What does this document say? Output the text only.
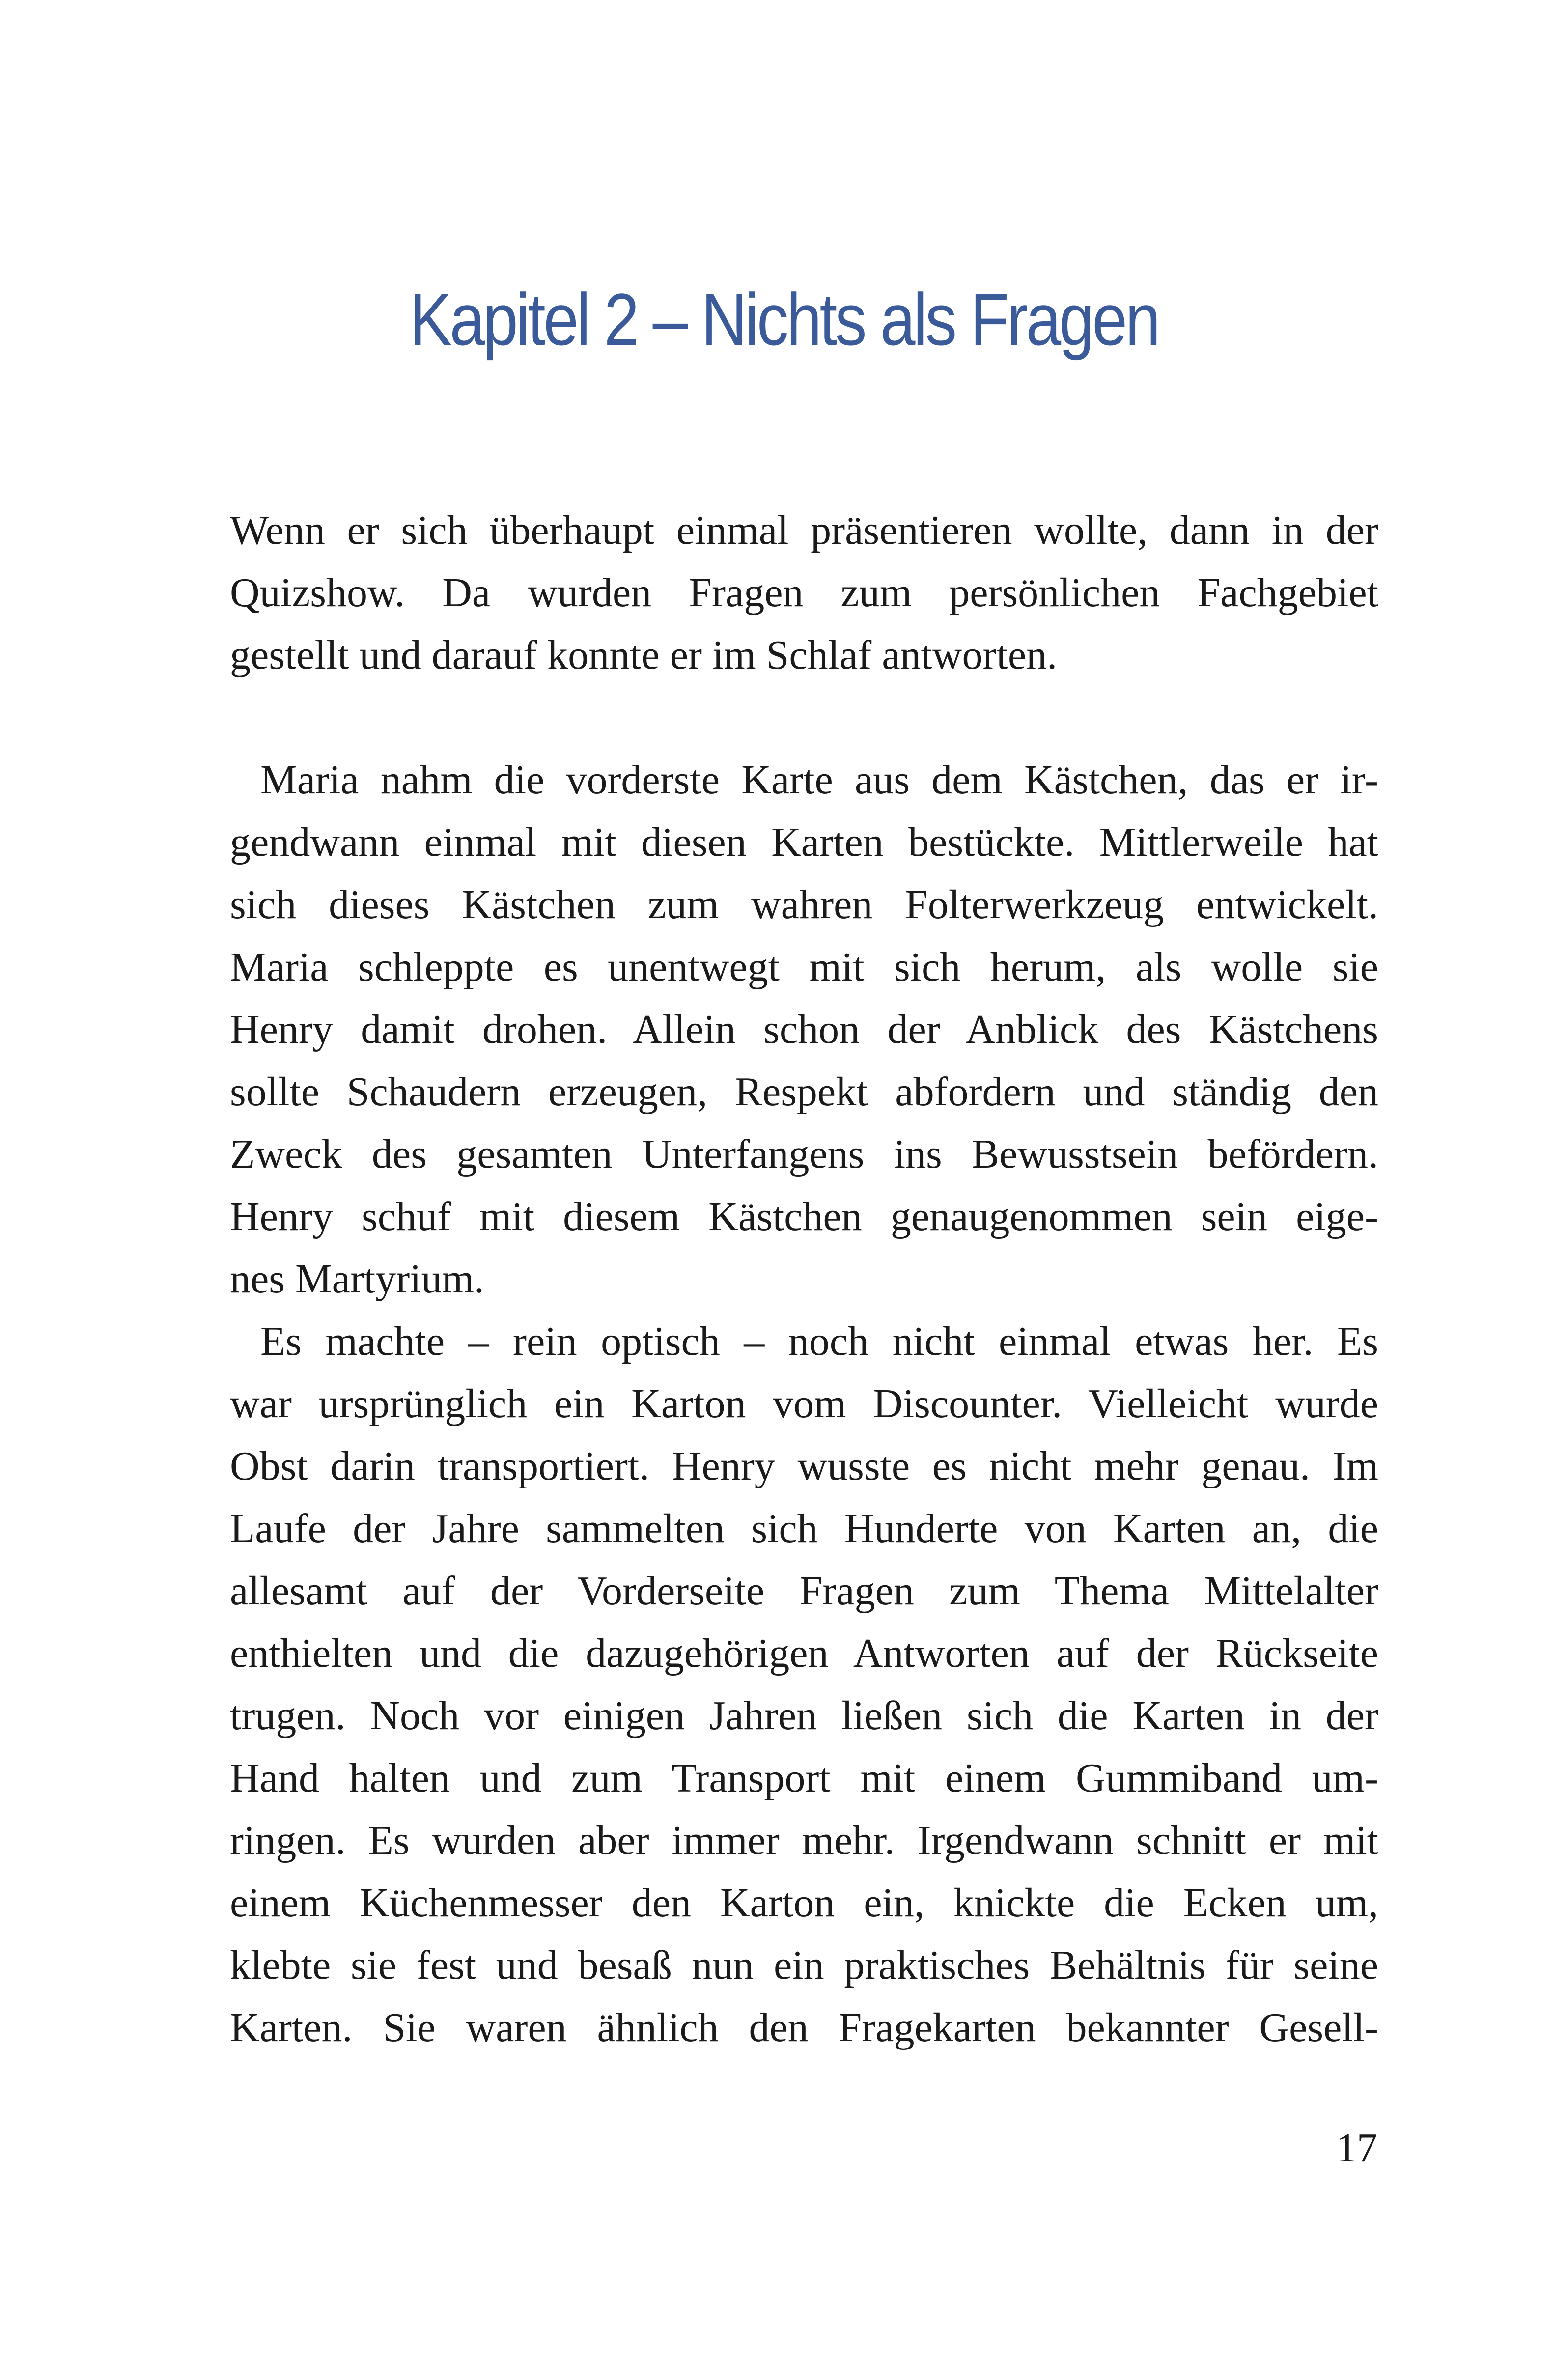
Kapitel 2 – Nichts als Fragen
Wenn er sich überhaupt einmal präsentieren wollte, dann in der
Quizshow. Da wurden Fragen zum persönlichen Fachgebiet
gestellt und darauf konnte er im Schlaf antworten.
Maria nahm die vorderste Karte aus dem Kästchen, das er ir-
gendwann einmal mit diesen Karten bestückte. Mittlerweile hat
sich dieses Kästchen zum wahren Folterwerkzeug entwickelt.
Maria schleppte es unentwegt mit sich herum, als wolle sie
Henry damit drohen. Allein schon der Anblick des Kästchens
sollte Schaudern erzeugen, Respekt abfordern und ständig den
Zweck des gesamten Unterfangens ins Bewusstsein befördern.
Henry schuf mit diesem Kästchen genaugenommen sein eige-
nes Martyrium.
Es machte – rein optisch – noch nicht einmal etwas her. Es
war ursprünglich ein Karton vom Discounter. Vielleicht wurde
Obst darin transportiert. Henry wusste es nicht mehr genau. Im
Laufe der Jahre sammelten sich Hunderte von Karten an, die
allesamt auf der Vorderseite Fragen zum Thema Mittelalter
enthielten und die dazugehörigen Antworten auf der Rückseite
trugen. Noch vor einigen Jahren ließen sich die Karten in der
Hand halten und zum Transport mit einem Gummiband um-
ringen. Es wurden aber immer mehr. Irgendwann schnitt er mit
einem Küchenmesser den Karton ein, knickte die Ecken um,
klebte sie fest und besaß nun ein praktisches Behältnis für seine
Karten. Sie waren ähnlich den Fragekarten bekannter Gesell-
17
